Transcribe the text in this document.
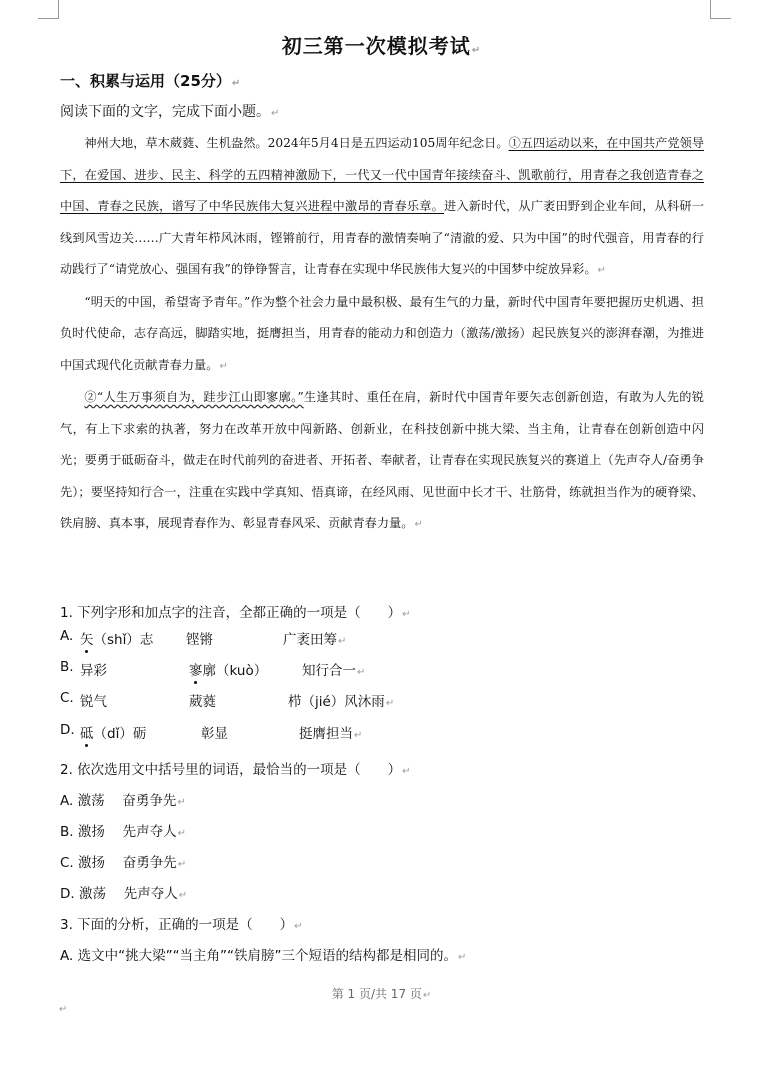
初三第一次模拟考试↵
一、积累与运用（25分）↵
阅读下面的文字，完成下面小题。↵

神州大地，草木葳蕤、生机盎然。2024年5月4日是五四运动105周年纪念日。①五四运动以来，在中国共产党领导下，在爱国、进步、民主、科学的五四精神激励下，一代又一代中国青年接续奋斗、凯歌前行，用青春之我创造青春之中国、青春之民族，谱写了中华民族伟大复兴进程中激昂的青春乐章。进入新时代，从广袤田野到企业车间，从科研一线到风雪边关……广大青年栉风沐雨，铿锵前行，用青春的激情奏响了“清澈的爱、只为中国”的时代强音，用青春的行动践行了“请党放心、强国有我”的铮铮誓言，让青春在实现中华民族伟大复兴的中国梦中绽放异彩。↵

“明天的中国，希望寄予青年。”作为整个社会力量中最积极、最有生气的力量，新时代中国青年要把握历史机遇、担负时代使命，志存高远，脚踏实地，挺膺担当，用青春的能动力和创造力（激荡/激扬）起民族复兴的澎湃春潮，为推进中国式现代化贡献青春力量。↵

②“人生万事须自为，跬步江山即寥廓。”生逢其时、重任在肩，新时代中国青年要矢志创新创造，有敢为人先的锐气，有上下求索的执著，努力在改革开放中闯新路、创新业，在科技创新中挑大梁、当主角，让青春在创新创造中闪光；要勇于砥砺奋斗，做走在时代前列的奋进者、开拓者、奉献者，让青春在实现民族复兴的赛道上（先声夺人/奋勇争先）；要坚持知行合一，注重在实践中学真知、悟真谛，在经风雨、见世面中长才干、壮筋骨，练就担当作为的硬脊梁、铁肩膀、真本事，展现青春作为、彰显青春风采、贡献青春力量。↵

1. 下列字形和加点字的注音，全都正确的一项是（　　）↵
A. 矢（shǐ）志 铿锵	广袤田筹↵
B. 异彩	寥廓（kuò）	知行合一↵
C. 锐气	葳蕤	栉（jié）风沐雨↵
D. 砥（dǐ）砺	彰显	挺膺担当↵
2. 依次选用文中括号里的词语，最恰当的一项是（　　）↵
A. 激荡　 奋勇争先↵
B. 激扬　 先声夺人↵
C. 激扬　 奋勇争先↵
D. 激荡　 先声夺人↵
3. 下面的分析，正确的一项是（　　）↵
A. 选文中“挑大梁”“当主角”“铁肩膀”三个短语的结构都是相同的。↵
第 1 页/共 17 页↵
↵
